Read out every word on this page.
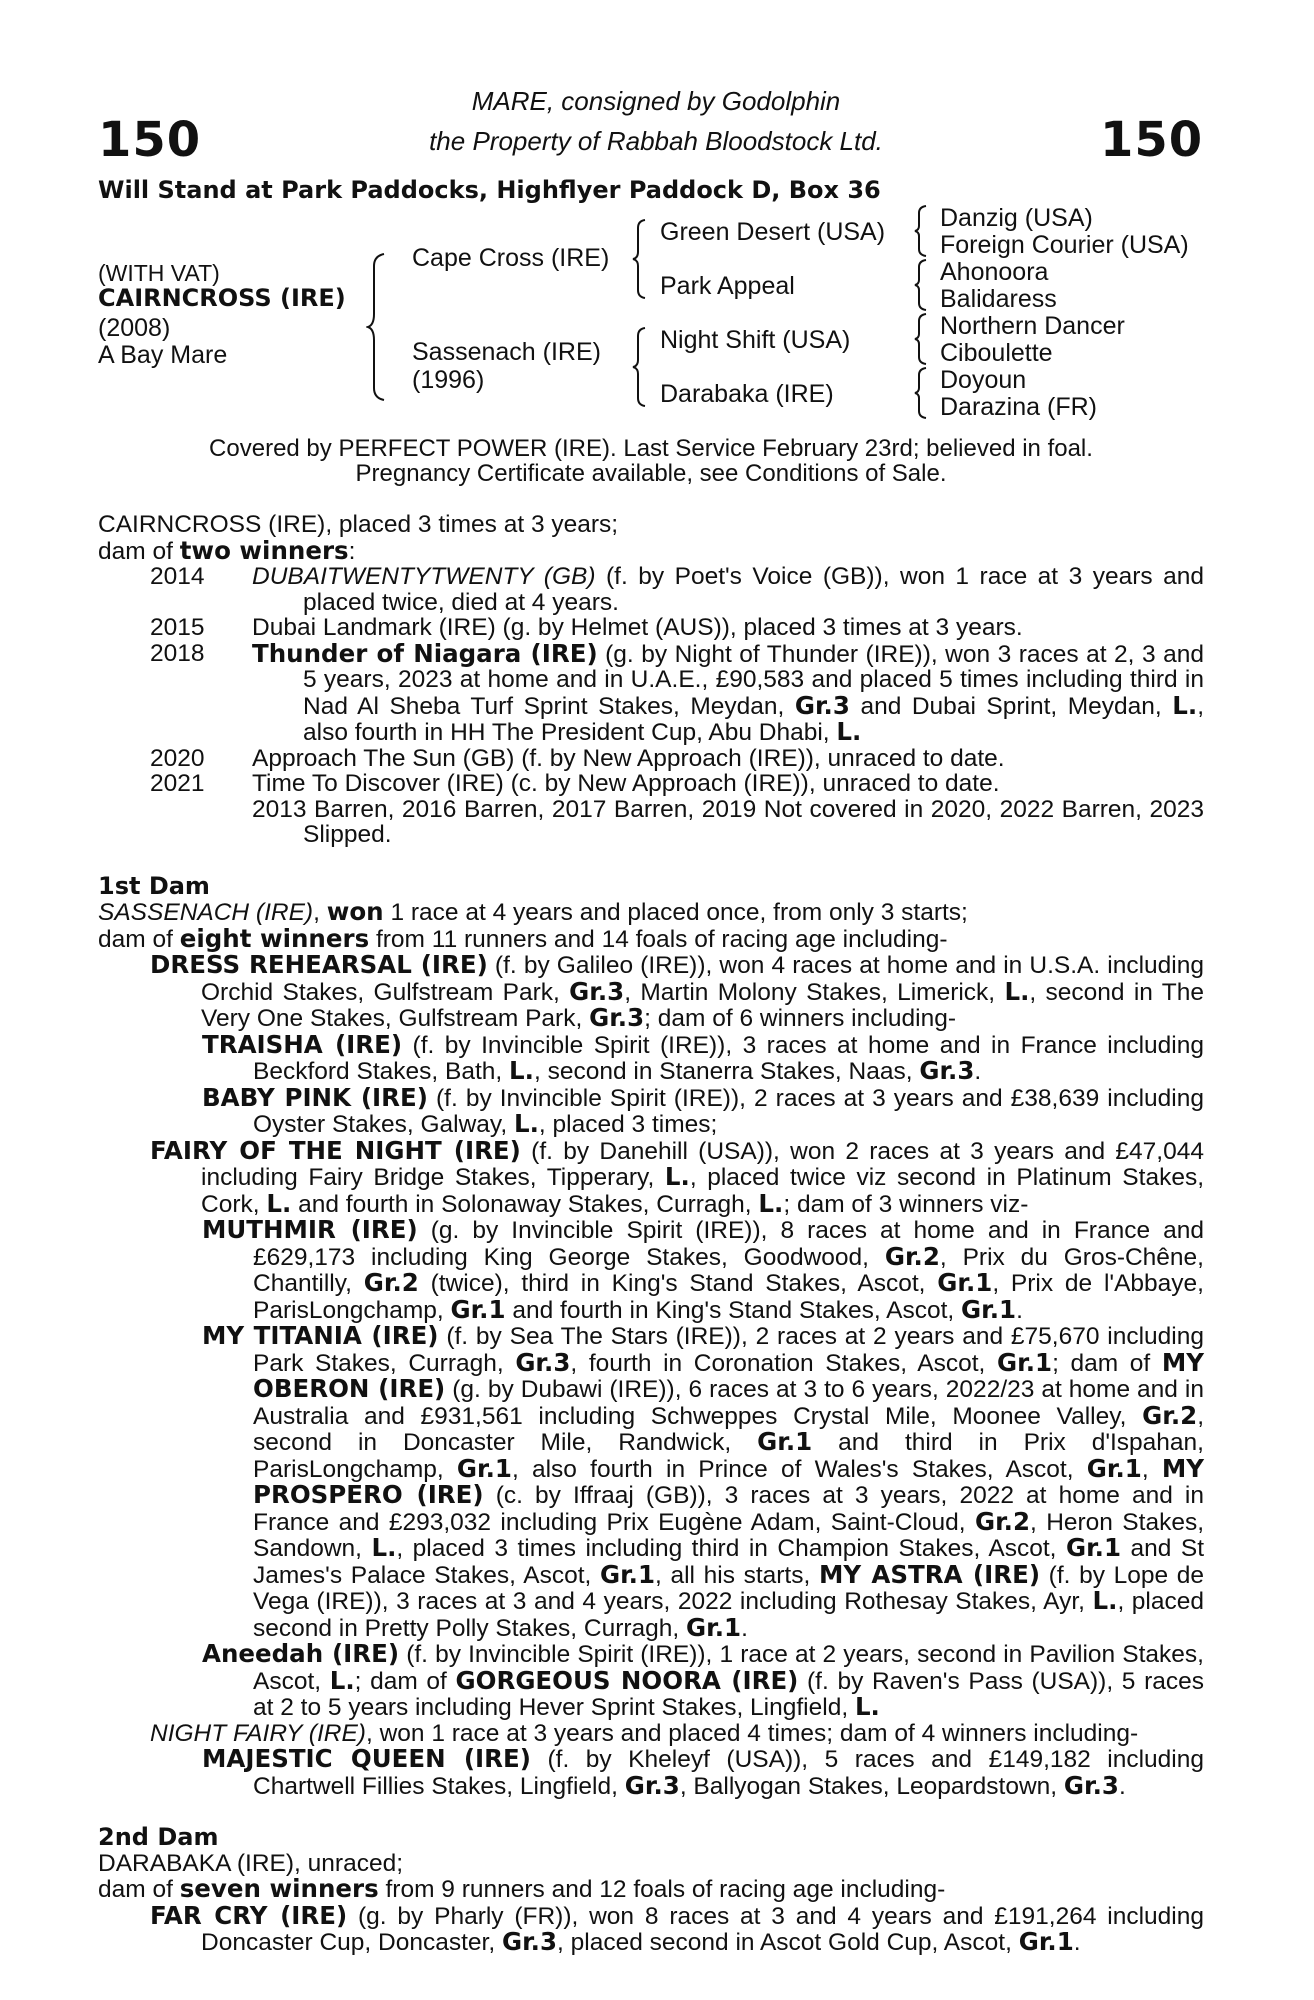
150	150
MARE, consigned by Godolphin
the Property of Rabbah Bloodstock Ltd.
Will Stand at Park Paddocks, Highflyer Paddock D, Box 36
(WITH VAT)
CAIRNCROSS (IRE)
(2008)
A Bay Mare
Cape Cross (IRE)
Sassenach (IRE)
(1996)
Green Desert (USA)
Park Appeal
Night Shift (USA)
Darabaka (IRE)
Danzig (USA)
Foreign Courier (USA)
Ahonoora
Balidaress
Northern Dancer
Ciboulette
Doyoun
Darazina (FR)
Covered by PERFECT POWER (IRE). Last Service February 23rd; believed in foal.
Pregnancy Certificate available, see Conditions of Sale.

CAIRNCROSS (IRE), placed 3 times at 3 years;

dam of two winners:

2014	DUBAITWENTYTWENTY (GB) (f. by Poet's Voice (GB)), won 1 race at 3 years and placed twice, died at 4 years.
2015	Dubai Landmark (IRE) (g. by Helmet (AUS)), placed 3 times at 3 years.
2018	Thunder of Niagara (IRE) (g. by Night of Thunder (IRE)), won 3 races at 2, 3 and 5 years, 2023 at home and in U.A.E., £90,583 and placed 5 times including third in Nad Al Sheba Turf Sprint Stakes, Meydan, Gr.3 and Dubai Sprint, Meydan, L., also fourth in HH The President Cup, Abu Dhabi, L.
2020	Approach The Sun (GB) (f. by New Approach (IRE)), unraced to date.
2021	Time To Discover (IRE) (c. by New Approach (IRE)), unraced to date.

2013 Barren, 2016 Barren, 2017 Barren, 2019 Not covered in 2020, 2022 Barren, 2023 Slipped.

1st Dam

SASSENACH (IRE), won 1 race at 4 years and placed once, from only 3 starts;

dam of eight winners from 11 runners and 14 foals of racing age including-

DRESS REHEARSAL (IRE) (f. by Galileo (IRE)), won 4 races at home and in U.S.A. including Orchid Stakes, Gulfstream Park, Gr.3, Martin Molony Stakes, Limerick, L., second in The Very One Stakes, Gulfstream Park, Gr.3; dam of 6 winners including-

TRAISHA (IRE) (f. by Invincible Spirit (IRE)), 3 races at home and in France including Beckford Stakes, Bath, L., second in Stanerra Stakes, Naas, Gr.3.

BABY PINK (IRE) (f. by Invincible Spirit (IRE)), 2 races at 3 years and £38,639 including Oyster Stakes, Galway, L., placed 3 times;

FAIRY OF THE NIGHT (IRE) (f. by Danehill (USA)), won 2 races at 3 years and £47,044 including Fairy Bridge Stakes, Tipperary, L., placed twice viz second in Platinum Stakes, Cork, L. and fourth in Solonaway Stakes, Curragh, L.; dam of 3 winners viz-

MUTHMIR (IRE) (g. by Invincible Spirit (IRE)), 8 races at home and in France and £629,173 including King George Stakes, Goodwood, Gr.2, Prix du Gros-Chêne, Chantilly, Gr.2 (twice), third in King's Stand Stakes, Ascot, Gr.1, Prix de l'Abbaye, ParisLongchamp, Gr.1 and fourth in King's Stand Stakes, Ascot, Gr.1.

MY TITANIA (IRE) (f. by Sea The Stars (IRE)), 2 races at 2 years and £75,670 including Park Stakes, Curragh, Gr.3, fourth in Coronation Stakes, Ascot, Gr.1; dam of MY OBERON (IRE) (g. by Dubawi (IRE)), 6 races at 3 to 6 years, 2022/23 at home and in Australia and £931,561 including Schweppes Crystal Mile, Moonee Valley, Gr.2, second in Doncaster Mile, Randwick, Gr.1 and third in Prix d'Ispahan, ParisLongchamp, Gr.1, also fourth in Prince of Wales's Stakes, Ascot, Gr.1, MY PROSPERO (IRE) (c. by Iffraaj (GB)), 3 races at 3 years, 2022 at home and in France and £293,032 including Prix Eugène Adam, Saint-Cloud, Gr.2, Heron Stakes, Sandown, L., placed 3 times including third in Champion Stakes, Ascot, Gr.1 and St James's Palace Stakes, Ascot, Gr.1, all his starts, MY ASTRA (IRE) (f. by Lope de Vega (IRE)), 3 races at 3 and 4 years, 2022 including Rothesay Stakes, Ayr, L., placed second in Pretty Polly Stakes, Curragh, Gr.1.

Aneedah (IRE) (f. by Invincible Spirit (IRE)), 1 race at 2 years, second in Pavilion Stakes, Ascot, L.; dam of GORGEOUS NOORA (IRE) (f. by Raven's Pass (USA)), 5 races at 2 to 5 years including Hever Sprint Stakes, Lingfield, L.

NIGHT FAIRY (IRE), won 1 race at 3 years and placed 4 times; dam of 4 winners including-

MAJESTIC QUEEN (IRE) (f. by Kheleyf (USA)), 5 races and £149,182 including Chartwell Fillies Stakes, Lingfield, Gr.3, Ballyogan Stakes, Leopardstown, Gr.3.

2nd Dam

DARABAKA (IRE), unraced;

dam of seven winners from 9 runners and 12 foals of racing age including-

FAR CRY (IRE) (g. by Pharly (FR)), won 8 races at 3 and 4 years and £191,264 including Doncaster Cup, Doncaster, Gr.3, placed second in Ascot Gold Cup, Ascot, Gr.1.
